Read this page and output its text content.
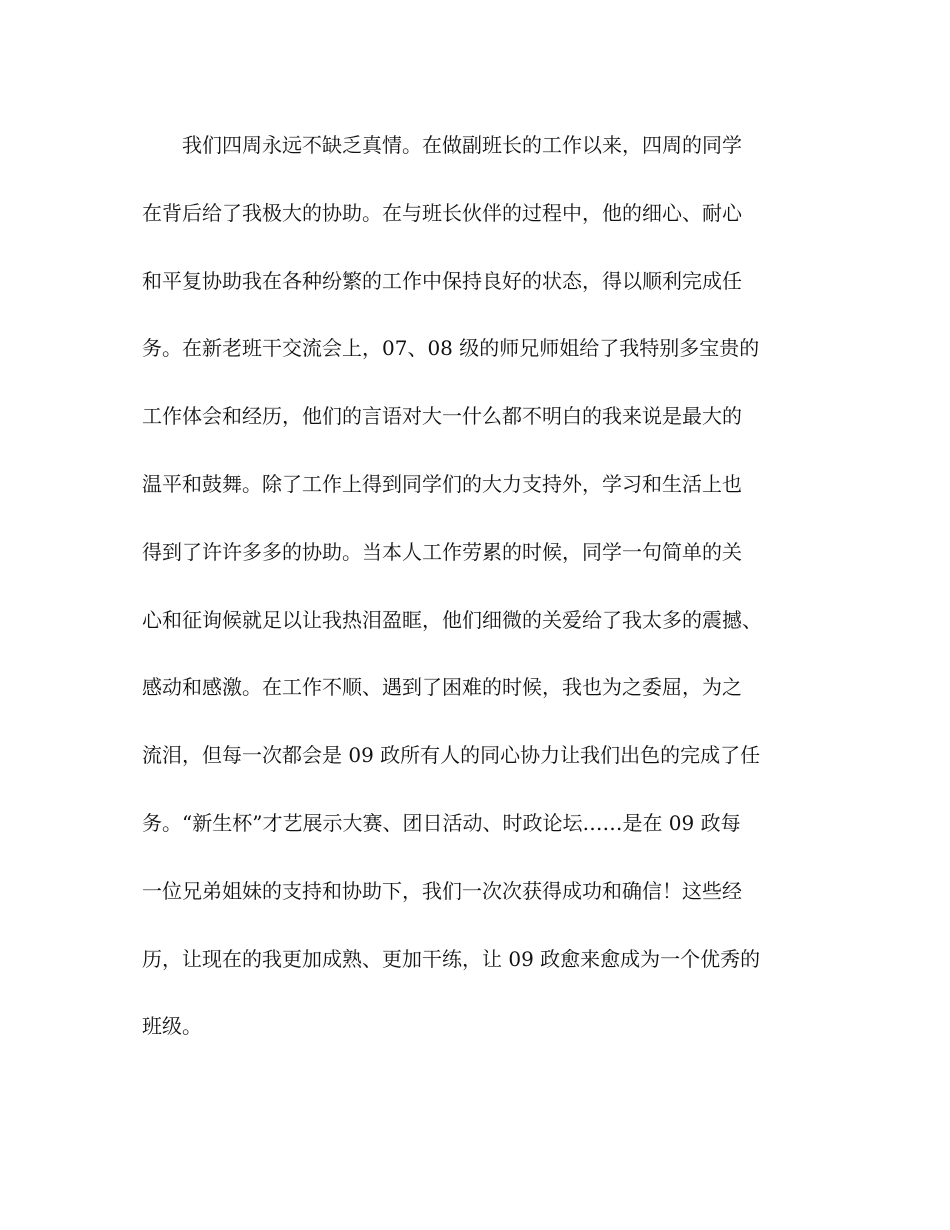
我们四周永远不缺乏真情。在做副班长的工作以来，四周的同学
在背后给了我极大的协助。在与班长伙伴的过程中，他的细心、耐心
和平复协助我在各种纷繁的工作中保持良好的状态，得以顺利完成任
务。在新老班干交流会上，07、08 级的师兄师姐给了我特别多宝贵的
工作体会和经历，他们的言语对大一什么都不明白的我来说是最大的
温平和鼓舞。除了工作上得到同学们的大力支持外，学习和生活上也
得到了许许多多的协助。当本人工作劳累的时候，同学一句简单的关
心和征询候就足以让我热泪盈眶，他们细微的关爱给了我太多的震撼、
感动和感激。在工作不顺、遇到了困难的时候，我也为之委屈，为之
流泪，但每一次都会是 09 政所有人的同心协力让我们出色的完成了任
务。“新生杯”才艺展示大赛、团日活动、时政论坛……是在 09 政每
一位兄弟姐妹的支持和协助下，我们一次次获得成功和确信！这些经
历，让现在的我更加成熟、更加干练，让 09 政愈来愈成为一个优秀的
班级。
